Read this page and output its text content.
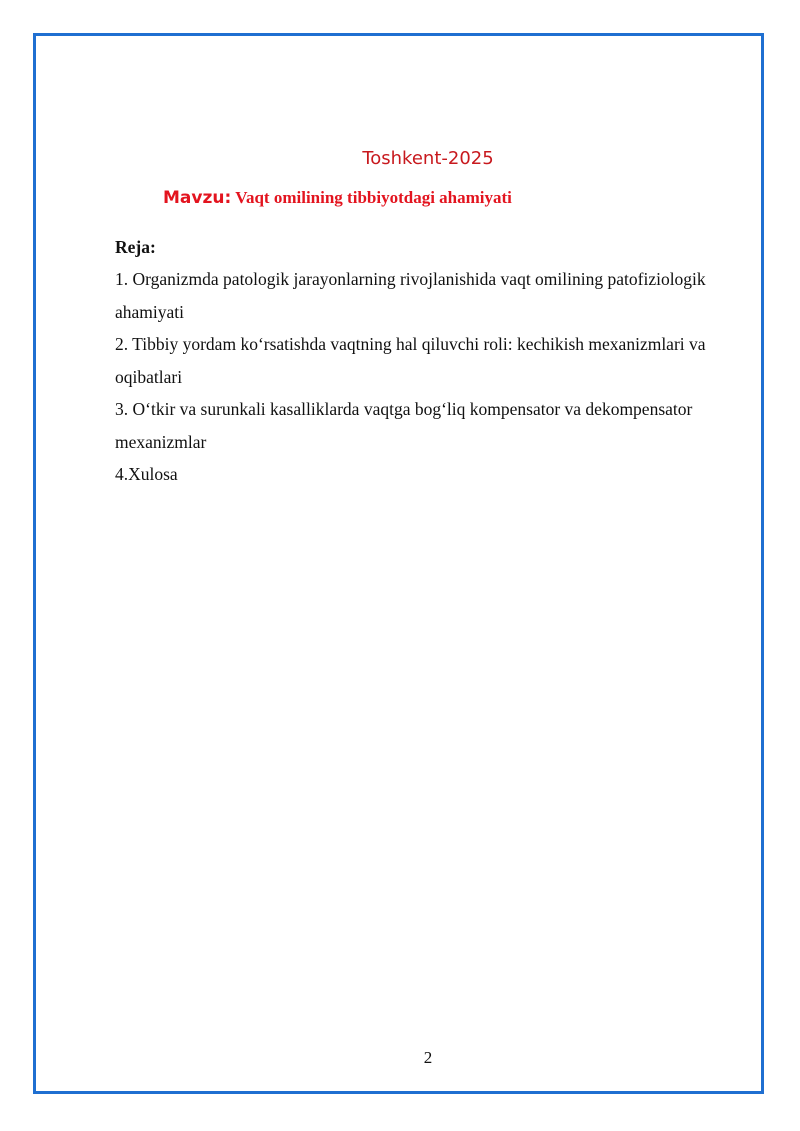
Toshkent-2025
Mavzu: Vaqt omilining tibbiyotdagi ahamiyati
Reja:

1. Organizmda patologik jarayonlarning rivojlanishida vaqt omilining patofiziologik ahamiyati

2. Tibbiy yordam ko‘rsatishda vaqtning hal qiluvchi roli: kechikish mexanizmlari va oqibatlari

3. O‘tkir va surunkali kasalliklarda vaqtga bog‘liq kompensator va dekompensator mexanizmlar

4.Xulosa

2
